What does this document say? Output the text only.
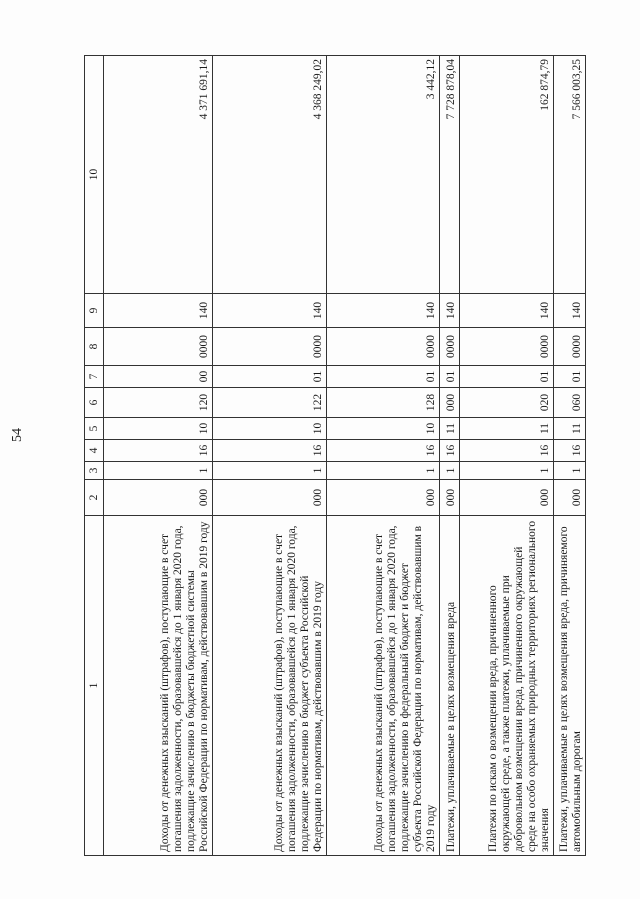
54
1	2	3	4	5	6	7	8	9	10
Доходы от денежных взысканий (штрафов), поступающие в счет погашения задолженности, образовавшейся до 1 января 2020 года, подлежащие зачислению в бюджеты бюджетной системы Российской Федерации по нормативам, действовавшим в 2019 году	000	1	16	10	120	00	0000	140	4 371 691,14
Доходы от денежных взысканий (штрафов), поступающие в счет погашения задолженности, образовавшейся до 1 января 2020 года, подлежащие зачислению в бюджет субъекта Российской Федерации по нормативам, действовавшим в 2019 году	000	1	16	10	122	01	0000	140	4 368 249,02
Доходы от денежных взысканий (штрафов), поступающие в счет погашения задолженности, образовавшейся до 1 января 2020 года, подлежащие зачислению в федеральный бюджет и бюджет субъекта Российской Федерации по нормативам, действовавшим в 2019 году	000	1	16	10	128	01	0000	140	3 442,12
Платежи, уплачиваемые в целях возмещения вреда	000	1	16	11	000	01	0000	140	7 728 878,04
Платежи по искам о возмещении вреда, причиненного окружающей среде, а также платежи, уплачиваемые при добровольном возмещении вреда, причиненного окружающей среде на особо охраняемых природных территориях регионального значения	000	1	16	11	020	01	0000	140	162 874,79
Платежи, уплачиваемые в целях возмещения вреда, причиняемого автомобильным дорогам	000	1	16	11	060	01	0000	140	7 566 003,25
